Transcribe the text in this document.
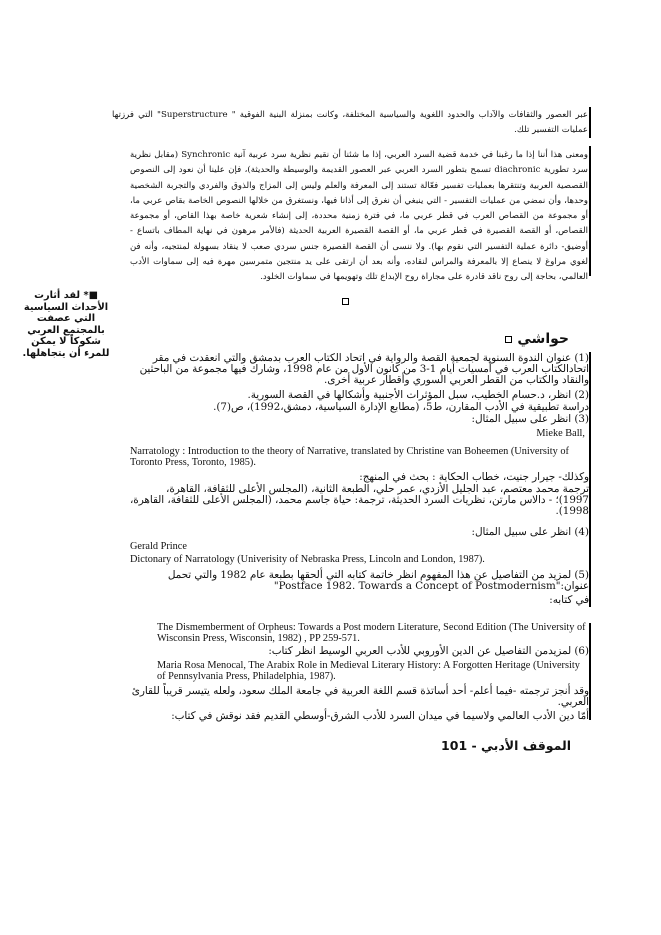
عبر العصور والثقافات والآداب والحدود اللغوية والسياسية المختلفة، وكانت بمنزلة البنية الفوقية " Superstructure" التي فرزتها عمليات التفسير تلك.
ومعنى هذا أننا إذا ما رغبنا في خدمة قضية السرد العربي، إذا ما شئنا أن نقيم نظرية سرد عربية آنية Synchronic (مقابل نظرية سرد تطورية diachronic تسمح بتطور السرد العربي عبر العصور القديمة والوسيطة والحديثة)، فإن علينا أن نعود إلى النصوص القصصية العربية وتنتقرها بعمليات تفسير فعّالة تستند إلى المعرفة والعلم وليس إلى المزاج والذوق والفردي والتجربة الشخصية وحدها، وأن نمضي من عمليات التفسير - التي ينبغي أن نغرق إلى أذانا فيها، ونستغرق من خلالها النصوص الخاصة بقاص عربي ما، أو مجموعة من القصاص العرب في قطر عربي ما، في فترة زمنية محددة، إلى إنشاء شعرية خاصة بهذا القاص، أو مجموعة القصاص، أو القصة القصيرة في قطر عربي ما، أو القصة القصيرة العربية الحديثة (فالأمر مرهون في نهاية المطاف باتساع - أوضيق- دائرة عملية التفسير التي نقوم بها). ولا ننسى أن القصة القصيرة جنس سردي صعب لا ينقاد بسهولة لمنتجيه، وأنه فن لغوي مراوغ لا ينصاع إلا بالمعرفة والمراس لنقاده، وأنه بعد أن ارتقى على يد منتجين متمرسين مهرة فيه إلى سماوات الأدب العالمي، بحاجة إلى روح ناقد قادرة على مجاراة روح الإبداع تلك وتهويمها في سماوات الخلود.
■* لقد أثارت الأحداث السياسية التي عصفت بالمجتمع العربي شكوكاً لا يمكن للمرء أن يتجاهلها.
حواشي
(1) عنوان الندوة السنوية لجمعية القصة والرواية في اتحاد الكتاب العرب بدمشق والتي انعقدت في مقر اتحادالكتاب العرب في أمسيات أيام 1-3 من كانون الأول من عام 1998، وشارك فيها مجموعة من الباحثين والنقاد والكتاب من القطر العربي السوري وأقطار عربية أخرى.
(2) انظر، د.حسام الخطيب، سبل المؤثرات الأجنبية وأشكالها في القصة السورية.
دراسة تطبيقية في الأدب المقارن، ط5، (مطابع الإدارة السياسية، دمشق،1992)، ص(7).
(3) انظر على سبيل المثال:
Mieke Ball,
Narratology : Introduction to the theory of Narrative, translated by Christine van Boheemen (University of Toronto Press, Toronto, 1985).
وكذلك- جيرار جنيت، خطاب الحكاية : بحث في المنهج:
ترجمة محمد معتصم، عبد الجليل الأزدي، عمر حلي، الطبعة الثانية، (المجلس الأعلى للثقافة، القاهرة، 1997)؛ - دالاس مارتن، نظريات السرد الحديثة، ترجمة: حياة جاسم محمد، (المجلس الأعلى للثقافة، القاهرة، 1998).
(4) انظر على سبيل المثال:
Gerald Prince
Dictonary of Narratology (Univerisity of Nebraska Press, Lincoln and London, 1987).
(5) لمزيد من التفاصيل عن هذا المفهوم انظر خاتمة كتابه التي ألحقها بطبعة عام 1982 والتي تحمل عنوان:"Postface 1982. Towards a Concept of Postmodernism"
في كتابه:
The Dismemberment of Orpheus: Towards a Post modern Literature, Second Edition (The University of Wisconsin Press, Wisconsin, 1982) , PP 259-571.
(6) لمزيدمن التفاصيل عن الدين الأوروبي للأدب العربي الوسيط انظر كتاب:
Maria Rosa Menocal, The Arabix Role in Medieval Literary History: A Forgotten Heritage (University of Pennsylvania Press, Philadelphia, 1987).
وقد أنجز ترجمته -فيما أعلم- أحد أساتذة قسم اللغة العربية في جامعة الملك سعود، ولعله يتيسر قريباً للقارئ العربي.
أمّا دين الأدب العالمي ولاسيما في ميدان السرد للأدب الشرق-أوسطي القديم فقد نوقش في كتاب:
الموقف الأدبي - 101
